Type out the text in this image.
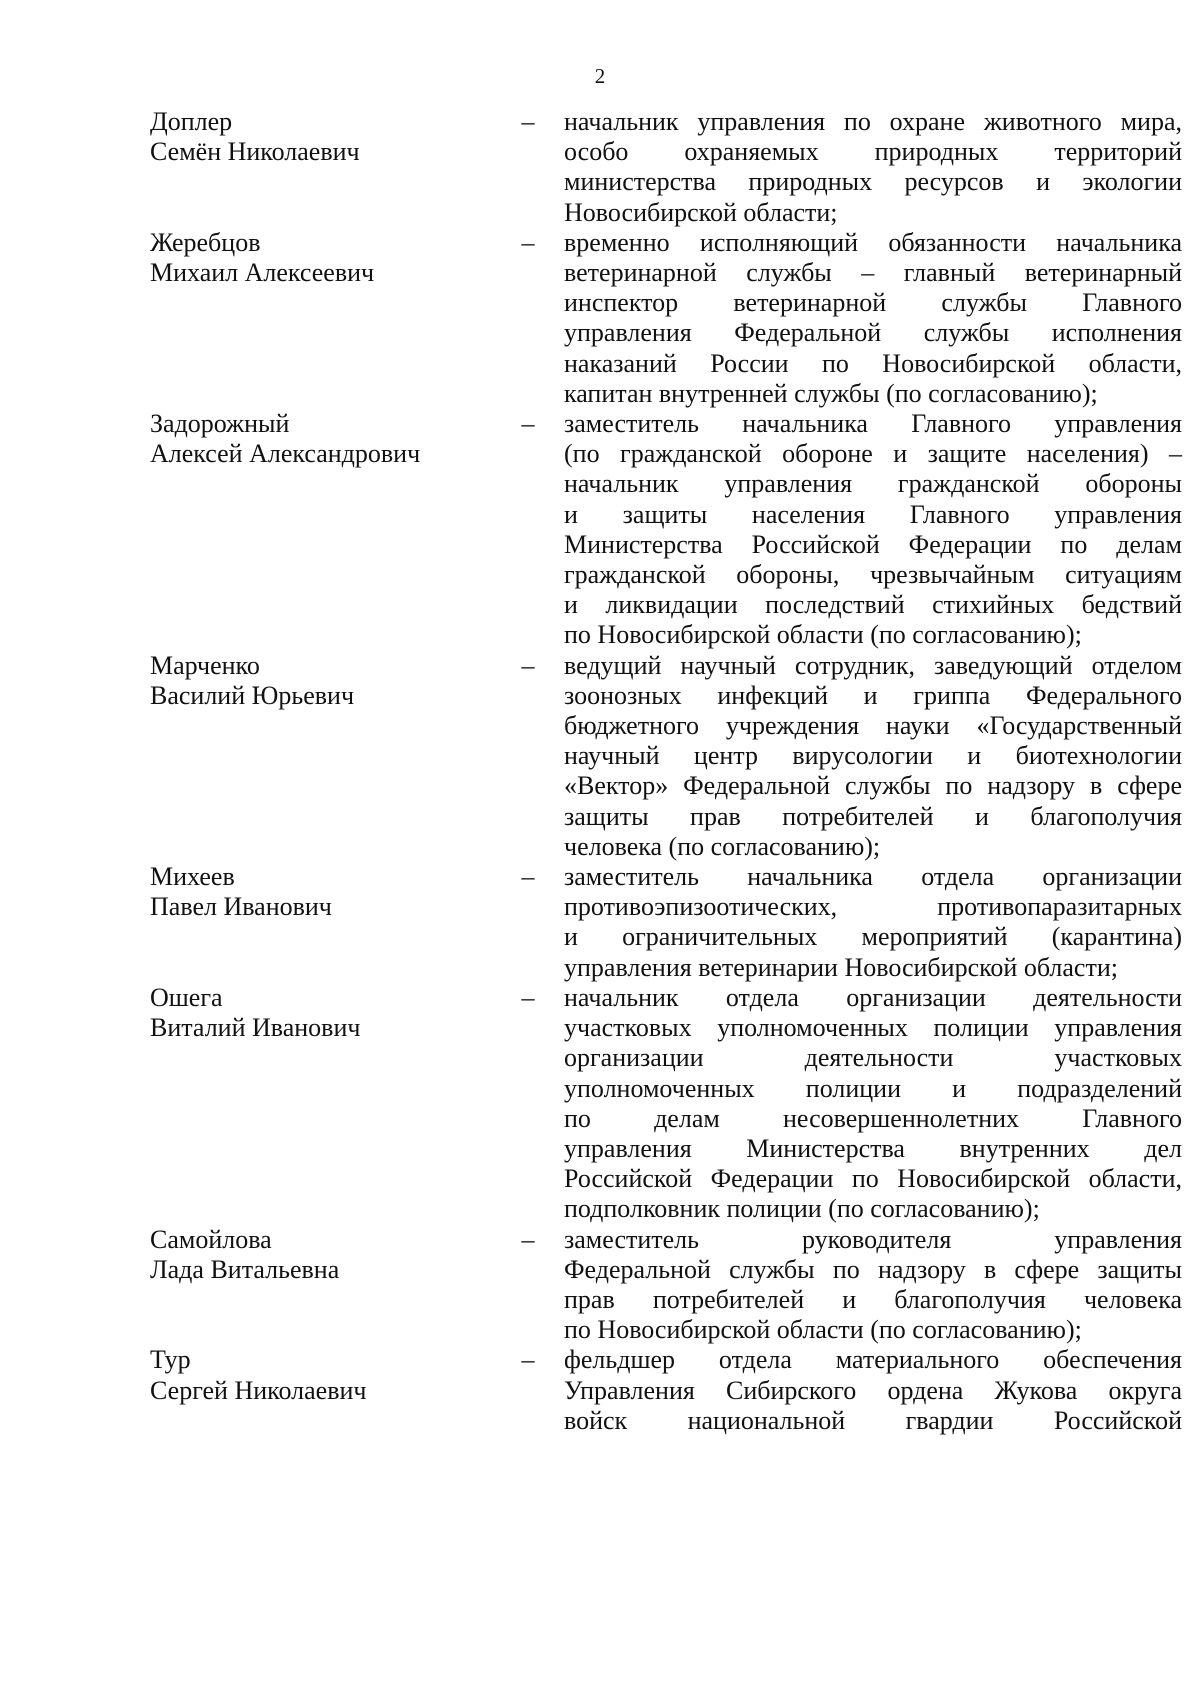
2
Доплер
Семён Николаевич
–	начальник управления по охране животного мира,
особо охраняемых природных территорий
министерства природных ресурсов и экологии
Новосибирской области;
Жеребцов
Михаил Алексеевич
–	временно исполняющий обязанности начальника
ветеринарной службы – главный ветеринарный
инспектор ветеринарной службы Главного
управления Федеральной службы исполнения
наказаний России по Новосибирской области,
капитан внутренней службы (по согласованию);
Задорожный
Алексей Александрович
–	заместитель начальника Главного управления
(по гражданской обороне и защите населения) –
начальник управления гражданской обороны
и защиты населения Главного управления
Министерства Российской Федерации по делам
гражданской обороны, чрезвычайным ситуациям
и ликвидации последствий стихийных бедствий
по Новосибирской области (по согласованию);
Марченко
Василий Юрьевич
–	ведущий научный сотрудник, заведующий отделом
зоонозных инфекций и гриппа Федерального
бюджетного учреждения науки «Государственный
научный центр вирусологии и биотехнологии
«Вектор» Федеральной службы по надзору в сфере
защиты прав потребителей и благополучия
человека (по согласованию);
Михеев
Павел Иванович
–	заместитель начальника отдела организации
противоэпизоотических, противопаразитарных
и ограничительных мероприятий (карантина)
управления ветеринарии Новосибирской области;
Ошега
Виталий Иванович
–	начальник отдела организации деятельности
участковых уполномоченных полиции управления
организации деятельности участковых
уполномоченных полиции и подразделений
по делам несовершеннолетних Главного
управления Министерства внутренних дел
Российской Федерации по Новосибирской области,
подполковник полиции (по согласованию);
Самойлова
Лада Витальевна
–	заместитель руководителя управления
Федеральной службы по надзору в сфере защиты
прав потребителей и благополучия человека
по Новосибирской области (по согласованию);
Тур
Сергей Николаевич
–	фельдшер отдела материального обеспечения
Управления Сибирского ордена Жукова округа
войск национальной гвардии Российской
